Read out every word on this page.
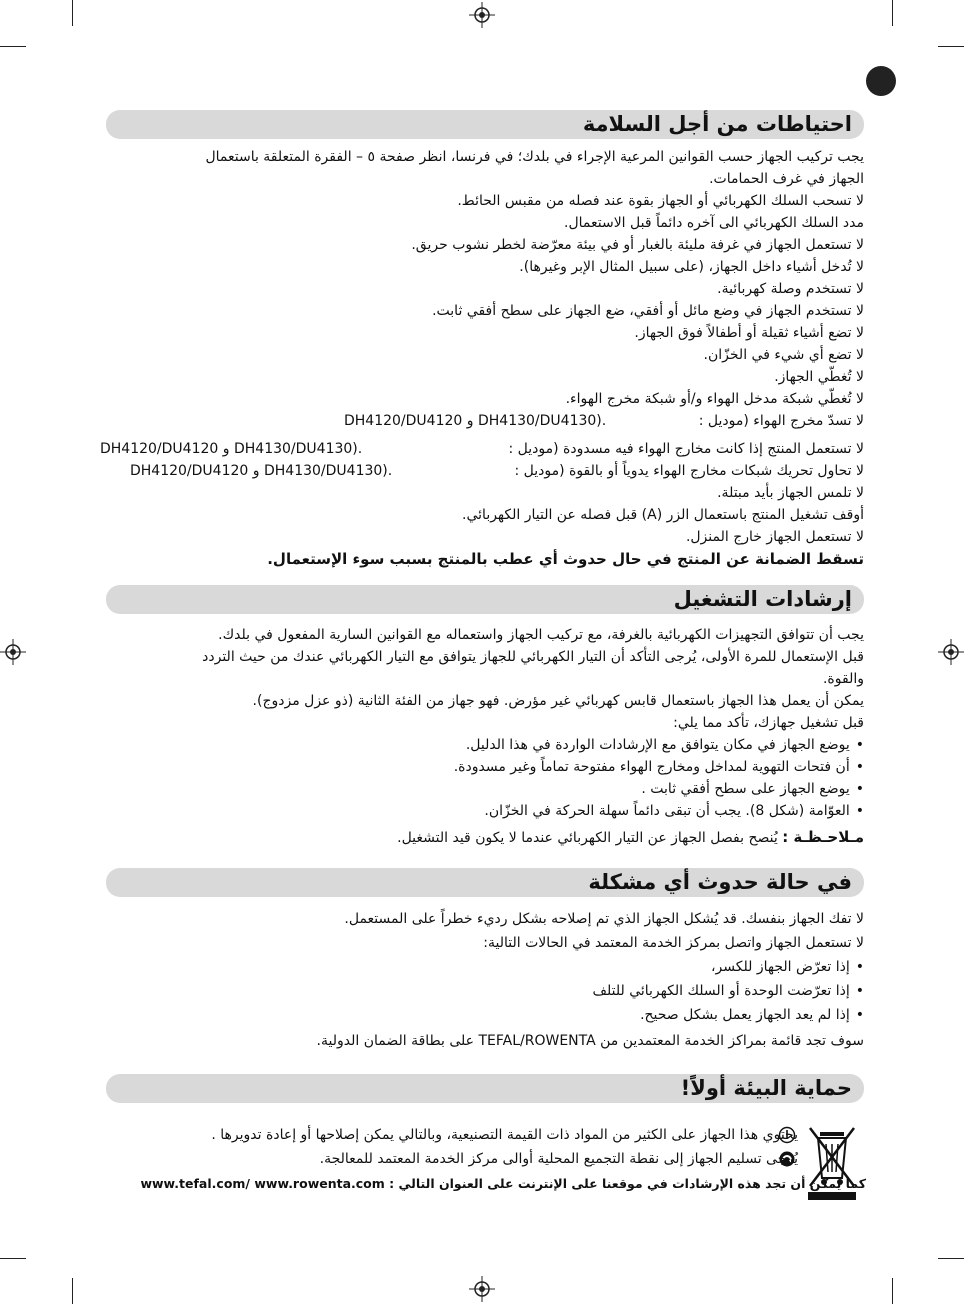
احتياطات من أجل السلامة
يجب تركيب الجهاز حسب القوانين المرعية الإجراء في بلدك؛ في فرنسا، انظر صفحة ٥ – الفقرة المتعلقة باستعمال
الجهاز في غرف الحمامات.
لا تسحب السلك الكهربائي أو الجهاز بقوة عند فصله من مقبس الحائط.
مدد السلك الكهربائي الى آخره دائماً قبل الاستعمال.
لا تستعمل الجهاز في غرفة مليئة بالغبار أو في بيئة معرّضة لخطر نشوب حريق.
لا تُدخل أشياء داخل الجهاز، (على سبيل المثال الإبر وغيرها).
لا تستخدم وصلة كهربائية.
لا تستخدم الجهاز في وضع مائل أو أفقي، ضع الجهاز على سطح أفقي ثابت.
لا تضع أشياء ثقيلة أو أطفالاً فوق الجهاز.
لا تضع أي شيء في الخزّان.
لا تُغطّي الجهاز.
لا تُغطّي شبكة مدخل الهواء و/أو شبكة مخرج الهواء.
لا تسدّ مخرج الهواء (موديل :
DH4120/DU4120 و DH4130/DU4130).
لا تستعمل المنتج إذا كانت مخارج الهواء فيه مسدودة (موديل :
DH4120/DU4120 و DH4130/DU4130).
لا تحاول تحريك شبكات مخارج الهواء يدوياً أو بالقوة (موديل :
DH4120/DU4120 و DH4130/DU4130).
لا تلمس الجهاز بأيد مبتلة.
أوقف تشغيل المنتج باستعمال الزر (A) قبل فصله عن التيار الكهربائي.
لا تستعمل الجهاز خارج المنزل.
تسقط الضمانة عن المنتج في حال حدوث أي عطب بالمنتج بسبب سوء الإستعمال.
إرشادات التشغيل
يجب أن تتوافق التجهيزات الكهربائية بالغرفة، مع تركيب الجهاز واستعماله مع القوانين السارية المفعول في بلدك.
قبل الإستعمال للمرة الأولى، يُرجى التأكد أن التيار الكهربائي للجهاز يتوافق مع التيار الكهربائي عندك من حيث التردد
والقوة.
يمكن أن يعمل هذا الجهاز باستعمال قابس كهربائي غير مؤرض. فهو جهاز من الفئة الثانية (ذو عزل مزدوج).
قبل تشغيل جهازك، تأكد مما يلي:
• يوضع الجهاز في مكان يتوافق مع الإرشادات الواردة في هذا الدليل.
• أن فتحات التهوية لمداخل ومخارج الهواء مفتوحة تماماً وغير مسدودة.
• يوضع الجهاز على سطح أفقي ثابت .
• العوّامة (شكل 8). يجب أن تبقى دائماً سهلة الحركة في الخزّان.
مـلاحـظـة : يُنصح بفصل الجهاز عن التيار الكهربائي عندما لا يكون قيد التشغيل.
في حالة حدوث أي مشكلة
لا تفك الجهاز بنفسك. قد يُشكل الجهاز الذي تم إصلاحه بشكل رديء خطراً على المستعمل.
لا تستعمل الجهاز واتصل بمركز الخدمة المعتمد في الحالات التالية:
• إذا تعرّض الجهاز للكسر،
• إذا تعرّضت الوحدة أو السلك الكهربائي للتلف
• إذا لم يعد الجهاز يعمل بشكل صحيح.
سوف تجد قائمة بمراكز الخدمة المعتمدين من TEFAL/ROWENTA على بطاقة الضمان الدولية.
حماية البيئة أولاً!
يحتوي هذا الجهاز على الكثير من المواد ذات القيمة التصنيعية، وبالتالي يمكن إصلاحها أو إعادة تدويرها .
يُرجى تسليم الجهاز إلى نقطة التجميع المحلية أوالى مركز الخدمة المعتمد للمعالجة.
كما يمكن أن تجد هذه الإرشادات في موقعنا على الإنترنت على العنوان التالي : www.tefal.com/ www.rowenta.com
